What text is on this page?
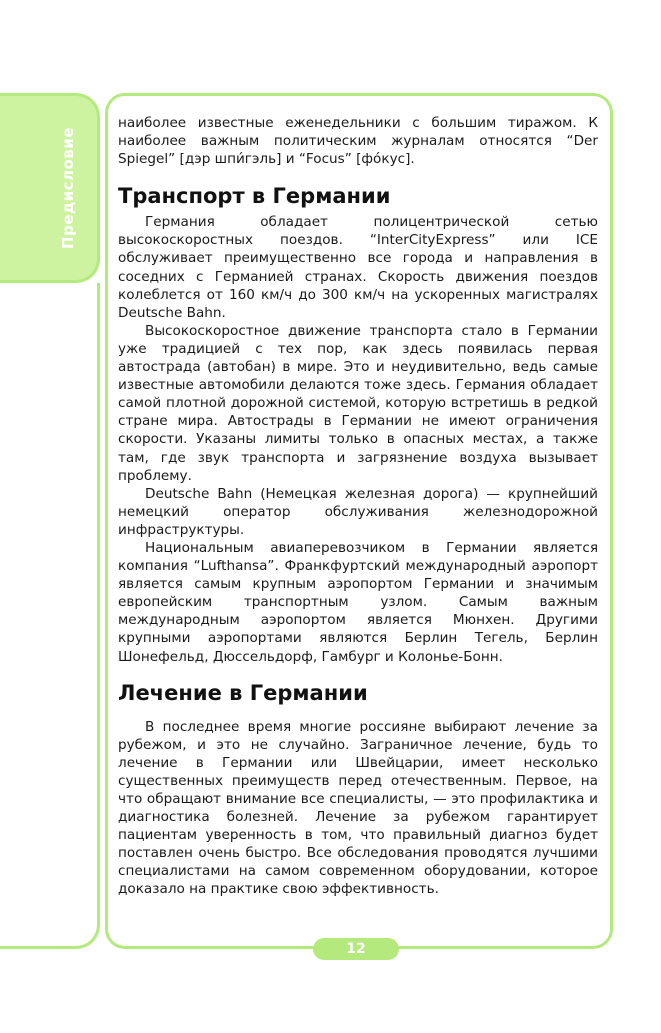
Предисловие

наиболее известные еженедельники с большим тиражом. К наиболее важным политическим журналам относятся “Der Spiegel” [дэр шпи́гэль] и “Focus” [фо́кус].

Транспорт в Германии

Германия обладает полицентрической сетью высокоскоростных поездов. “InterCityExpress” или ICE обслуживает преимущественно все города и направления в соседних с Германией странах. Скорость движения поездов колеблется от 160 км/ч до 300 км/ч на ускоренных магистралях Deutsche Bahn.

Высокоскоростное движение транспорта стало в Германии уже традицией с тех пор, как здесь появилась первая автострада (автобан) в мире. Это и неудивительно, ведь самые известные автомобили делаются тоже здесь. Германия обладает самой плотной дорожной системой, которую встретишь в редкой стране мира. Автострады в Германии не имеют ограничения скорости. Указаны лимиты только в опасных местах, а также там, где звук транспорта и загрязнение воздуха вызывает проблему.

Deutsche Bahn (Немецкая железная дорога) — крупнейший немецкий оператор обслуживания железнодорожной инфраструктуры.

Национальным авиаперевозчиком в Германии является компания “Lufthansa”. Франкфуртский международный аэропорт является самым крупным аэропортом Германии и значимым европейским транспортным узлом. Самым важным международным аэропортом является Мюнхен. Другими крупными аэропортами являются Берлин Тегель, Берлин Шонефельд, Дюссельдорф, Гамбург и Колонье-Бонн.

Лечение в Германии

В последнее время многие россияне выбирают лечение за рубежом, и это не случайно. Заграничное лечение, будь то лечение в Германии или Швейцарии, имеет несколько существенных преимуществ перед отечественным. Первое, на что обращают внимание все специалисты, — это профилактика и диагностика болезней. Лечение за рубежом гарантирует пациентам уверенность в том, что правильный диагноз будет поставлен очень быстро. Все обследования проводятся лучшими специалистами на самом современном оборудовании, которое доказало на практике свою эффективность.

12
